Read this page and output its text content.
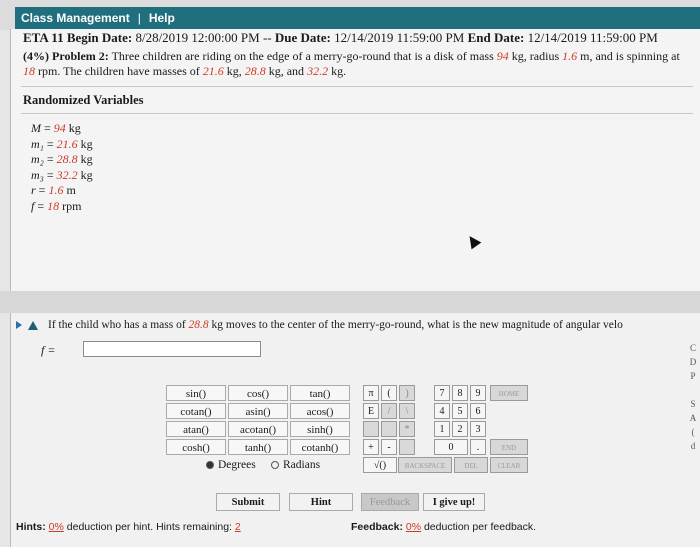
Class Management | Help
ETA 11 Begin Date: 8/28/2019 12:00:00 PM -- Due Date: 12/14/2019 11:59:00 PM End Date: 12/14/2019 11:59:00 PM
(4%) Problem 2: Three children are riding on the edge of a merry-go-round that is a disk of mass 94 kg, radius 1.6 m, and is spinning at 18 rpm. The children have masses of 21.6 kg, 28.8 kg, and 32.2 kg.
Randomized Variables
M = 94 kg
m₁ = 21.6 kg
m₂ = 28.8 kg
m₃ = 32.2 kg
r = 1.6 m
f = 18 rpm
If the child who has a mass of 28.8 kg moves to the center of the merry-go-round, what is the new magnitude of angular velo
f =	C
D
P
S
A
(
d
sin()	cos()	tan()
cotan()	asin()	acos()
atan()	acotan()	sinh()
cosh()	tanh()	cotanh()
Degrees Radians
π	(	)
E	/	\
*
+	-
√()
7	8	9
4	5	6
1	2	3
0	.
HOME
END
BACKSPACE	DEL	CLEAR
Submit	Hint	Feedback	I give up!
Hints: 0% deduction per hint. Hints remaining: 2	Feedback: 0% deduction per feedback.
